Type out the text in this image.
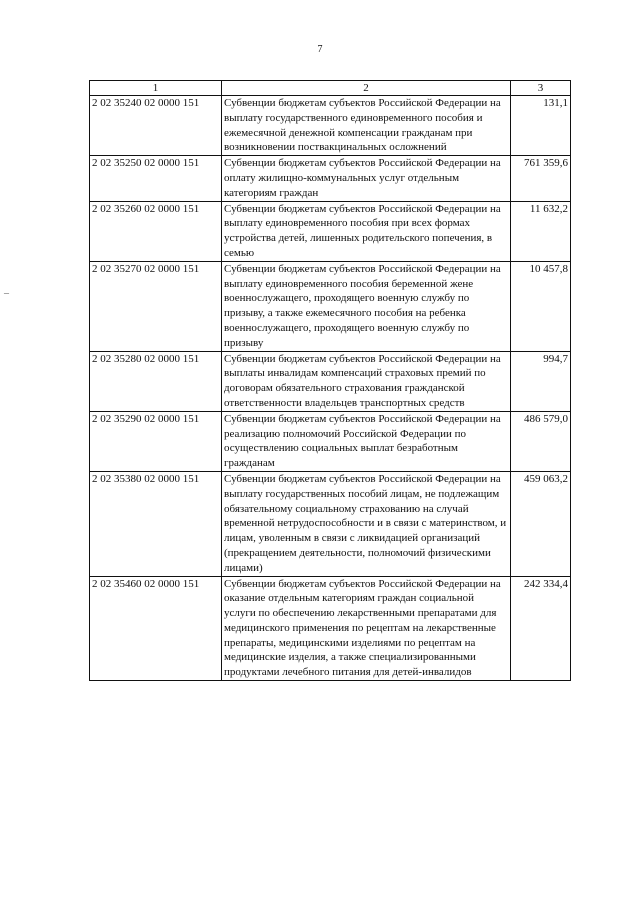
7
–
1	2	3
2 02 35240 02 0000 151	Субвенции бюджетам субъектов Российской Федерации на выплату государственного единовременного пособия и ежемесячной денежной компенсации гражданам при возникновении поствакцинальных осложнений	131,1
2 02 35250 02 0000 151	Субвенции бюджетам субъектов Российской Федерации на оплату жилищно-коммунальных услуг отдельным категориям граждан	761 359,6
2 02 35260 02 0000 151	Субвенции бюджетам субъектов Российской Федерации на выплату единовременного пособия при всех формах устройства детей, лишенных родительского попечения, в семью	11 632,2
2 02 35270 02 0000 151	Субвенции бюджетам субъектов Российской Федерации на выплату единовременного пособия беременной жене военнослужащего, проходящего военную службу по призыву, а также ежемесячного пособия на ребенка военнослужащего, проходящего военную службу по призыву	10 457,8
2 02 35280 02 0000 151	Субвенции бюджетам субъектов Российской Федерации на выплаты инвалидам компенсаций страховых премий по договорам обязательного страхования гражданской ответственности владельцев транспортных средств	994,7
2 02 35290 02 0000 151	Субвенции бюджетам субъектов Российской Федерации на реализацию полномочий Российской Федерации по осуществлению социальных выплат безработным гражданам	486 579,0
2 02 35380 02 0000 151	Субвенции бюджетам субъектов Российской Федерации на выплату государственных пособий лицам, не подлежащим обязательному социальному страхованию на случай временной нетрудоспособности и в связи с материнством, и лицам, уволенным в связи с ликвидацией организаций (прекращением деятельности, полномочий физическими лицами)	459 063,2
2 02 35460 02 0000 151	Субвенции бюджетам субъектов Российской Федерации на оказание отдельным категориям граждан социальной услуги по обеспечению лекарственными препаратами для медицинского применения по рецептам на лекарственные препараты, медицинскими изделиями по рецептам на медицинские изделия, а также специализированными продуктами лечебного питания для детей-инвалидов	242 334,4
